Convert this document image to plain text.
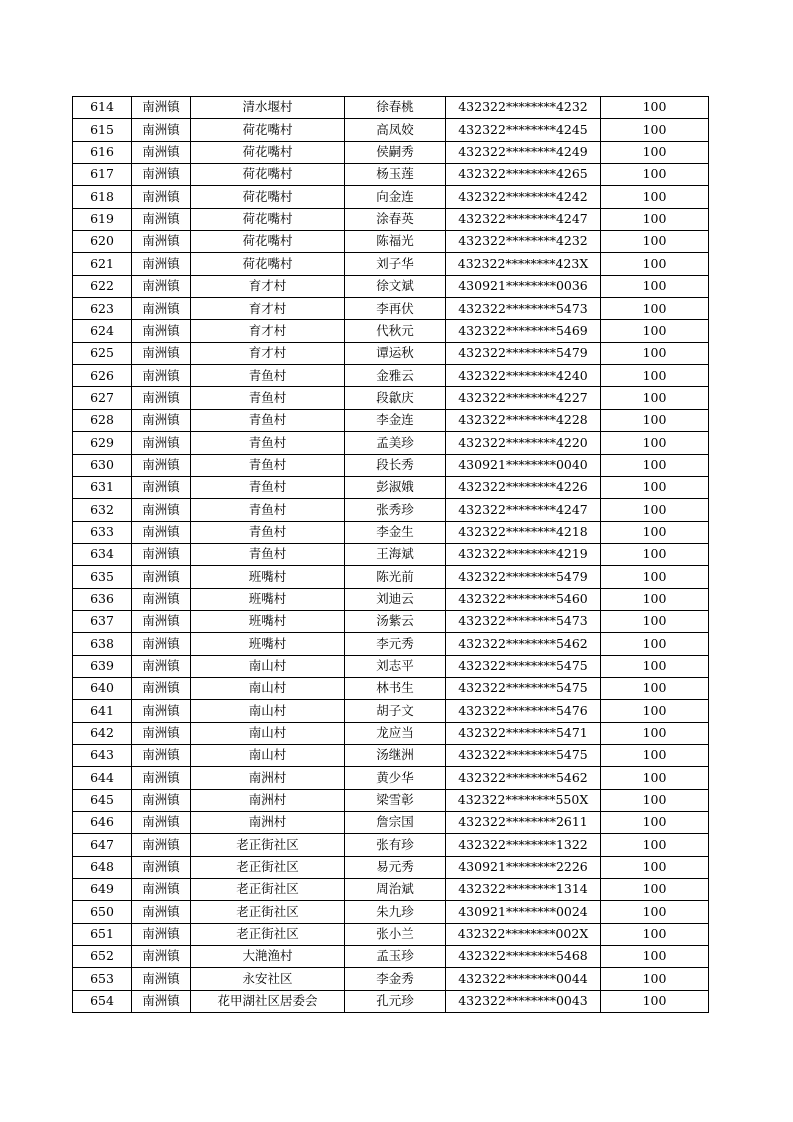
614	南洲镇	清水堰村	徐春桃	432322********4232	100
615	南洲镇	荷花嘴村	高凤姣	432322********4245	100
616	南洲镇	荷花嘴村	侯嗣秀	432322********4249	100
617	南洲镇	荷花嘴村	杨玉莲	432322********4265	100
618	南洲镇	荷花嘴村	向金连	432322********4242	100
619	南洲镇	荷花嘴村	涂春英	432322********4247	100
620	南洲镇	荷花嘴村	陈福光	432322********4232	100
621	南洲镇	荷花嘴村	刘子华	432322********423X	100
622	南洲镇	育才村	徐文斌	430921********0036	100
623	南洲镇	育才村	李再伏	432322********5473	100
624	南洲镇	育才村	代秋元	432322********5469	100
625	南洲镇	育才村	谭运秋	432322********5479	100
626	南洲镇	青鱼村	金雅云	432322********4240	100
627	南洲镇	青鱼村	段歙庆	432322********4227	100
628	南洲镇	青鱼村	李金连	432322********4228	100
629	南洲镇	青鱼村	孟美珍	432322********4220	100
630	南洲镇	青鱼村	段长秀	430921********0040	100
631	南洲镇	青鱼村	彭淑娥	432322********4226	100
632	南洲镇	青鱼村	张秀珍	432322********4247	100
633	南洲镇	青鱼村	李金生	432322********4218	100
634	南洲镇	青鱼村	王海斌	432322********4219	100
635	南洲镇	班嘴村	陈光前	432322********5479	100
636	南洲镇	班嘴村	刘迪云	432322********5460	100
637	南洲镇	班嘴村	汤紫云	432322********5473	100
638	南洲镇	班嘴村	李元秀	432322********5462	100
639	南洲镇	南山村	刘志平	432322********5475	100
640	南洲镇	南山村	林书生	432322********5475	100
641	南洲镇	南山村	胡子文	432322********5476	100
642	南洲镇	南山村	龙应当	432322********5471	100
643	南洲镇	南山村	汤继洲	432322********5475	100
644	南洲镇	南洲村	黄少华	432322********5462	100
645	南洲镇	南洲村	梁雪彰	432322********550X	100
646	南洲镇	南洲村	詹宗国	432322********2611	100
647	南洲镇	老正街社区	张有珍	432322********1322	100
648	南洲镇	老正街社区	易元秀	430921********2226	100
649	南洲镇	老正街社区	周治斌	432322********1314	100
650	南洲镇	老正街社区	朱九珍	430921********0024	100
651	南洲镇	老正街社区	张小兰	432322********002X	100
652	南洲镇	大滟渔村	孟玉珍	432322********5468	100
653	南洲镇	永安社区	李金秀	432322********0044	100
654	南洲镇	花甲湖社区居委会	孔元珍	432322********0043	100
